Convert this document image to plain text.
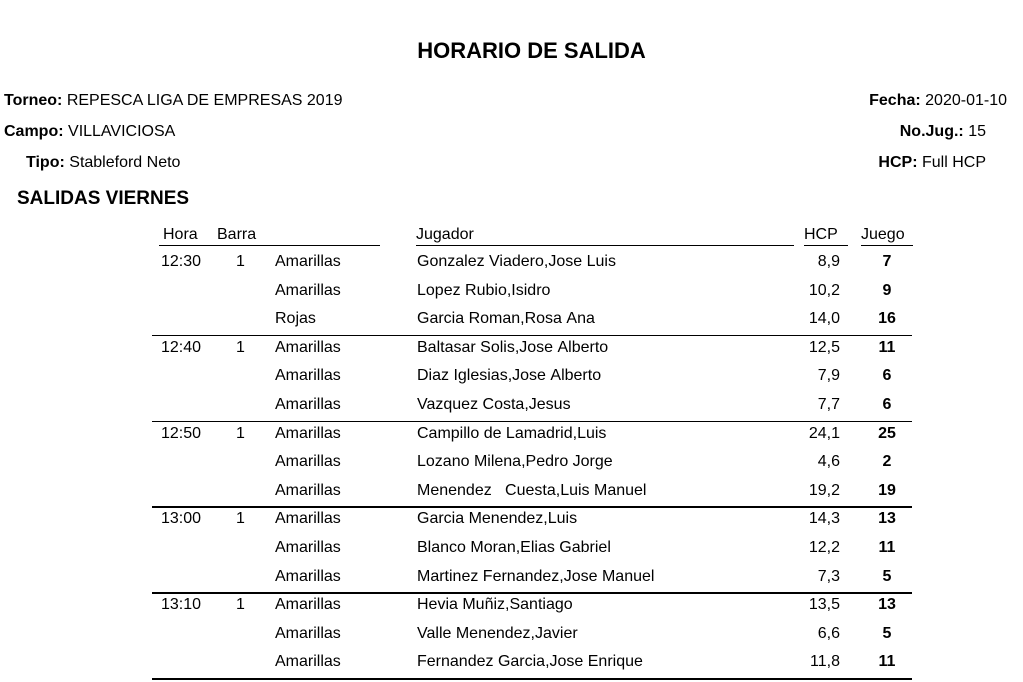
HORARIO DE SALIDA
Torneo: REPESCA LIGA DE EMPRESAS 2019
Campo: VILLAVICIOSA
Tipo: Stableford Neto
Fecha: 2020-01-10
No.Jug.: 15
HCP: Full HCP
SALIDAS VIERNES
Hora Barra	Jugador	HCP Juego
12:30 1 Amarillas	Gonzalez Viadero,Jose Luis	8,9	7
Amarillas	Lopez Rubio,Isidro	10,2	9
Rojas	Garcia Roman,Rosa Ana	14,0	16
12:40 1 Amarillas	Baltasar Solis,Jose Alberto	12,5	11
Amarillas	Diaz Iglesias,Jose Alberto	7,9	6
Amarillas	Vazquez Costa,Jesus	7,7	6
12:50 1 Amarillas	Campillo de Lamadrid,Luis	24,1	25
Amarillas	Lozano Milena,Pedro Jorge	4,6	2
Amarillas	Menendez   Cuesta,Luis Manuel	19,2	19
13:00 1 Amarillas	Garcia Menendez,Luis	14,3	13
Amarillas	Blanco Moran,Elias Gabriel	12,2	11
Amarillas	Martinez Fernandez,Jose Manuel	7,3	5
13:10 1 Amarillas	Hevia Muñiz,Santiago	13,5	13
Amarillas	Valle Menendez,Javier	6,6	5
Amarillas	Fernandez Garcia,Jose Enrique	11,8	11
